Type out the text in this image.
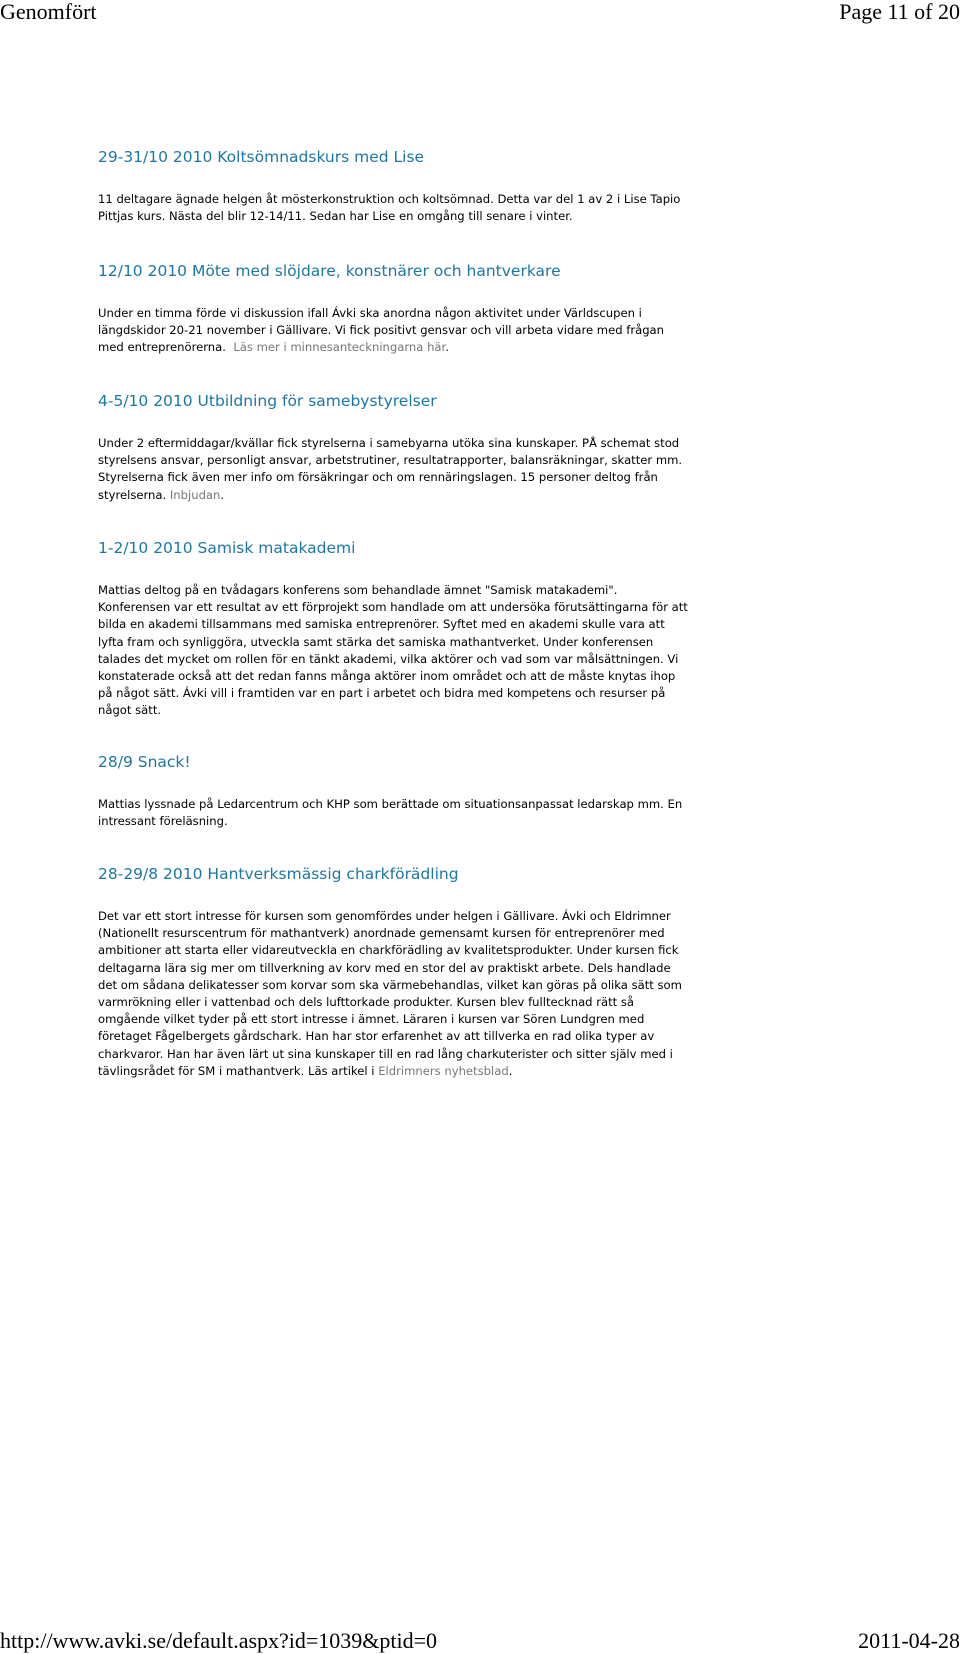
Genomfört	Page 11 of 20
29-31/10 2010 Koltsömnadskurs med Lise

11 deltagare ägnade helgen åt mösterkonstruktion och koltsömnad. Detta var del 1 av 2 i Lise Tapio Pittjas kurs. Nästa del blir 12-14/11. Sedan har Lise en omgång till senare i vinter.

12/10 2010 Möte med slöjdare, konstnärer och hantverkare

Under en timma förde vi diskussion ifall Ávki ska anordna någon aktivitet under Världscupen i längdskidor 20-21 november i Gällivare. Vi fick positivt gensvar och vill arbeta vidare med frågan med entreprenörerna. Läs mer i minnesanteckningarna här.

4-5/10 2010 Utbildning för samebystyrelser

Under 2 eftermiddagar/kvällar fick styrelserna i samebyarna utöka sina kunskaper. PÅ schemat stod styrelsens ansvar, personligt ansvar, arbetstrutiner, resultatrapporter, balansräkningar, skatter mm. Styrelserna fick även mer info om försäkringar och om rennäringslagen. 15 personer deltog från styrelserna. Inbjudan.

1-2/10 2010 Samisk matakademi

Mattias deltog på en tvådagars konferens som behandlade ämnet "Samisk matakademi". Konferensen var ett resultat av ett förprojekt som handlade om att undersöka förutsättingarna för att bilda en akademi tillsammans med samiska entreprenörer. Syftet med en akademi skulle vara att lyfta fram och synliggöra, utveckla samt stärka det samiska mathantverket. Under konferensen talades det mycket om rollen för en tänkt akademi, vilka aktörer och vad som var målsättningen. Vi konstaterade också att det redan fanns många aktörer inom området och att de måste knytas ihop på något sätt. Ávki vill i framtiden var en part i arbetet och bidra med kompetens och resurser på något sätt.

28/9 Snack!

Mattias lyssnade på Ledarcentrum och KHP som berättade om situationsanpassat ledarskap mm. En intressant föreläsning.

28-29/8 2010 Hantverksmässig charkförädling

Det var ett stort intresse för kursen som genomfördes under helgen i Gällivare. Ávki och Eldrimner (Nationellt resurscentrum för mathantverk) anordnade gemensamt kursen för entreprenörer med ambitioner att starta eller vidareutveckla en charkförädling av kvalitetsprodukter. Under kursen fick deltagarna lära sig mer om tillverkning av korv med en stor del av praktiskt arbete. Dels handlade det om sådana delikatesser som korvar som ska värmebehandlas, vilket kan göras på olika sätt som varmrökning eller i vattenbad och dels lufttorkade produkter. Kursen blev fulltecknad rätt så omgående vilket tyder på ett stort intresse i ämnet. Läraren i kursen var Sören Lundgren med företaget Fågelbergets gårdschark. Han har stor erfarenhet av att tillverka en rad olika typer av charkvaror. Han har även lärt ut sina kunskaper till en rad lång charkuterister och sitter själv med i tävlingsrådet för SM i mathantverk. Läs artikel i Eldrimners nyhetsblad.

http://www.avki.se/default.aspx?id=1039&ptid=0	2011-04-28
